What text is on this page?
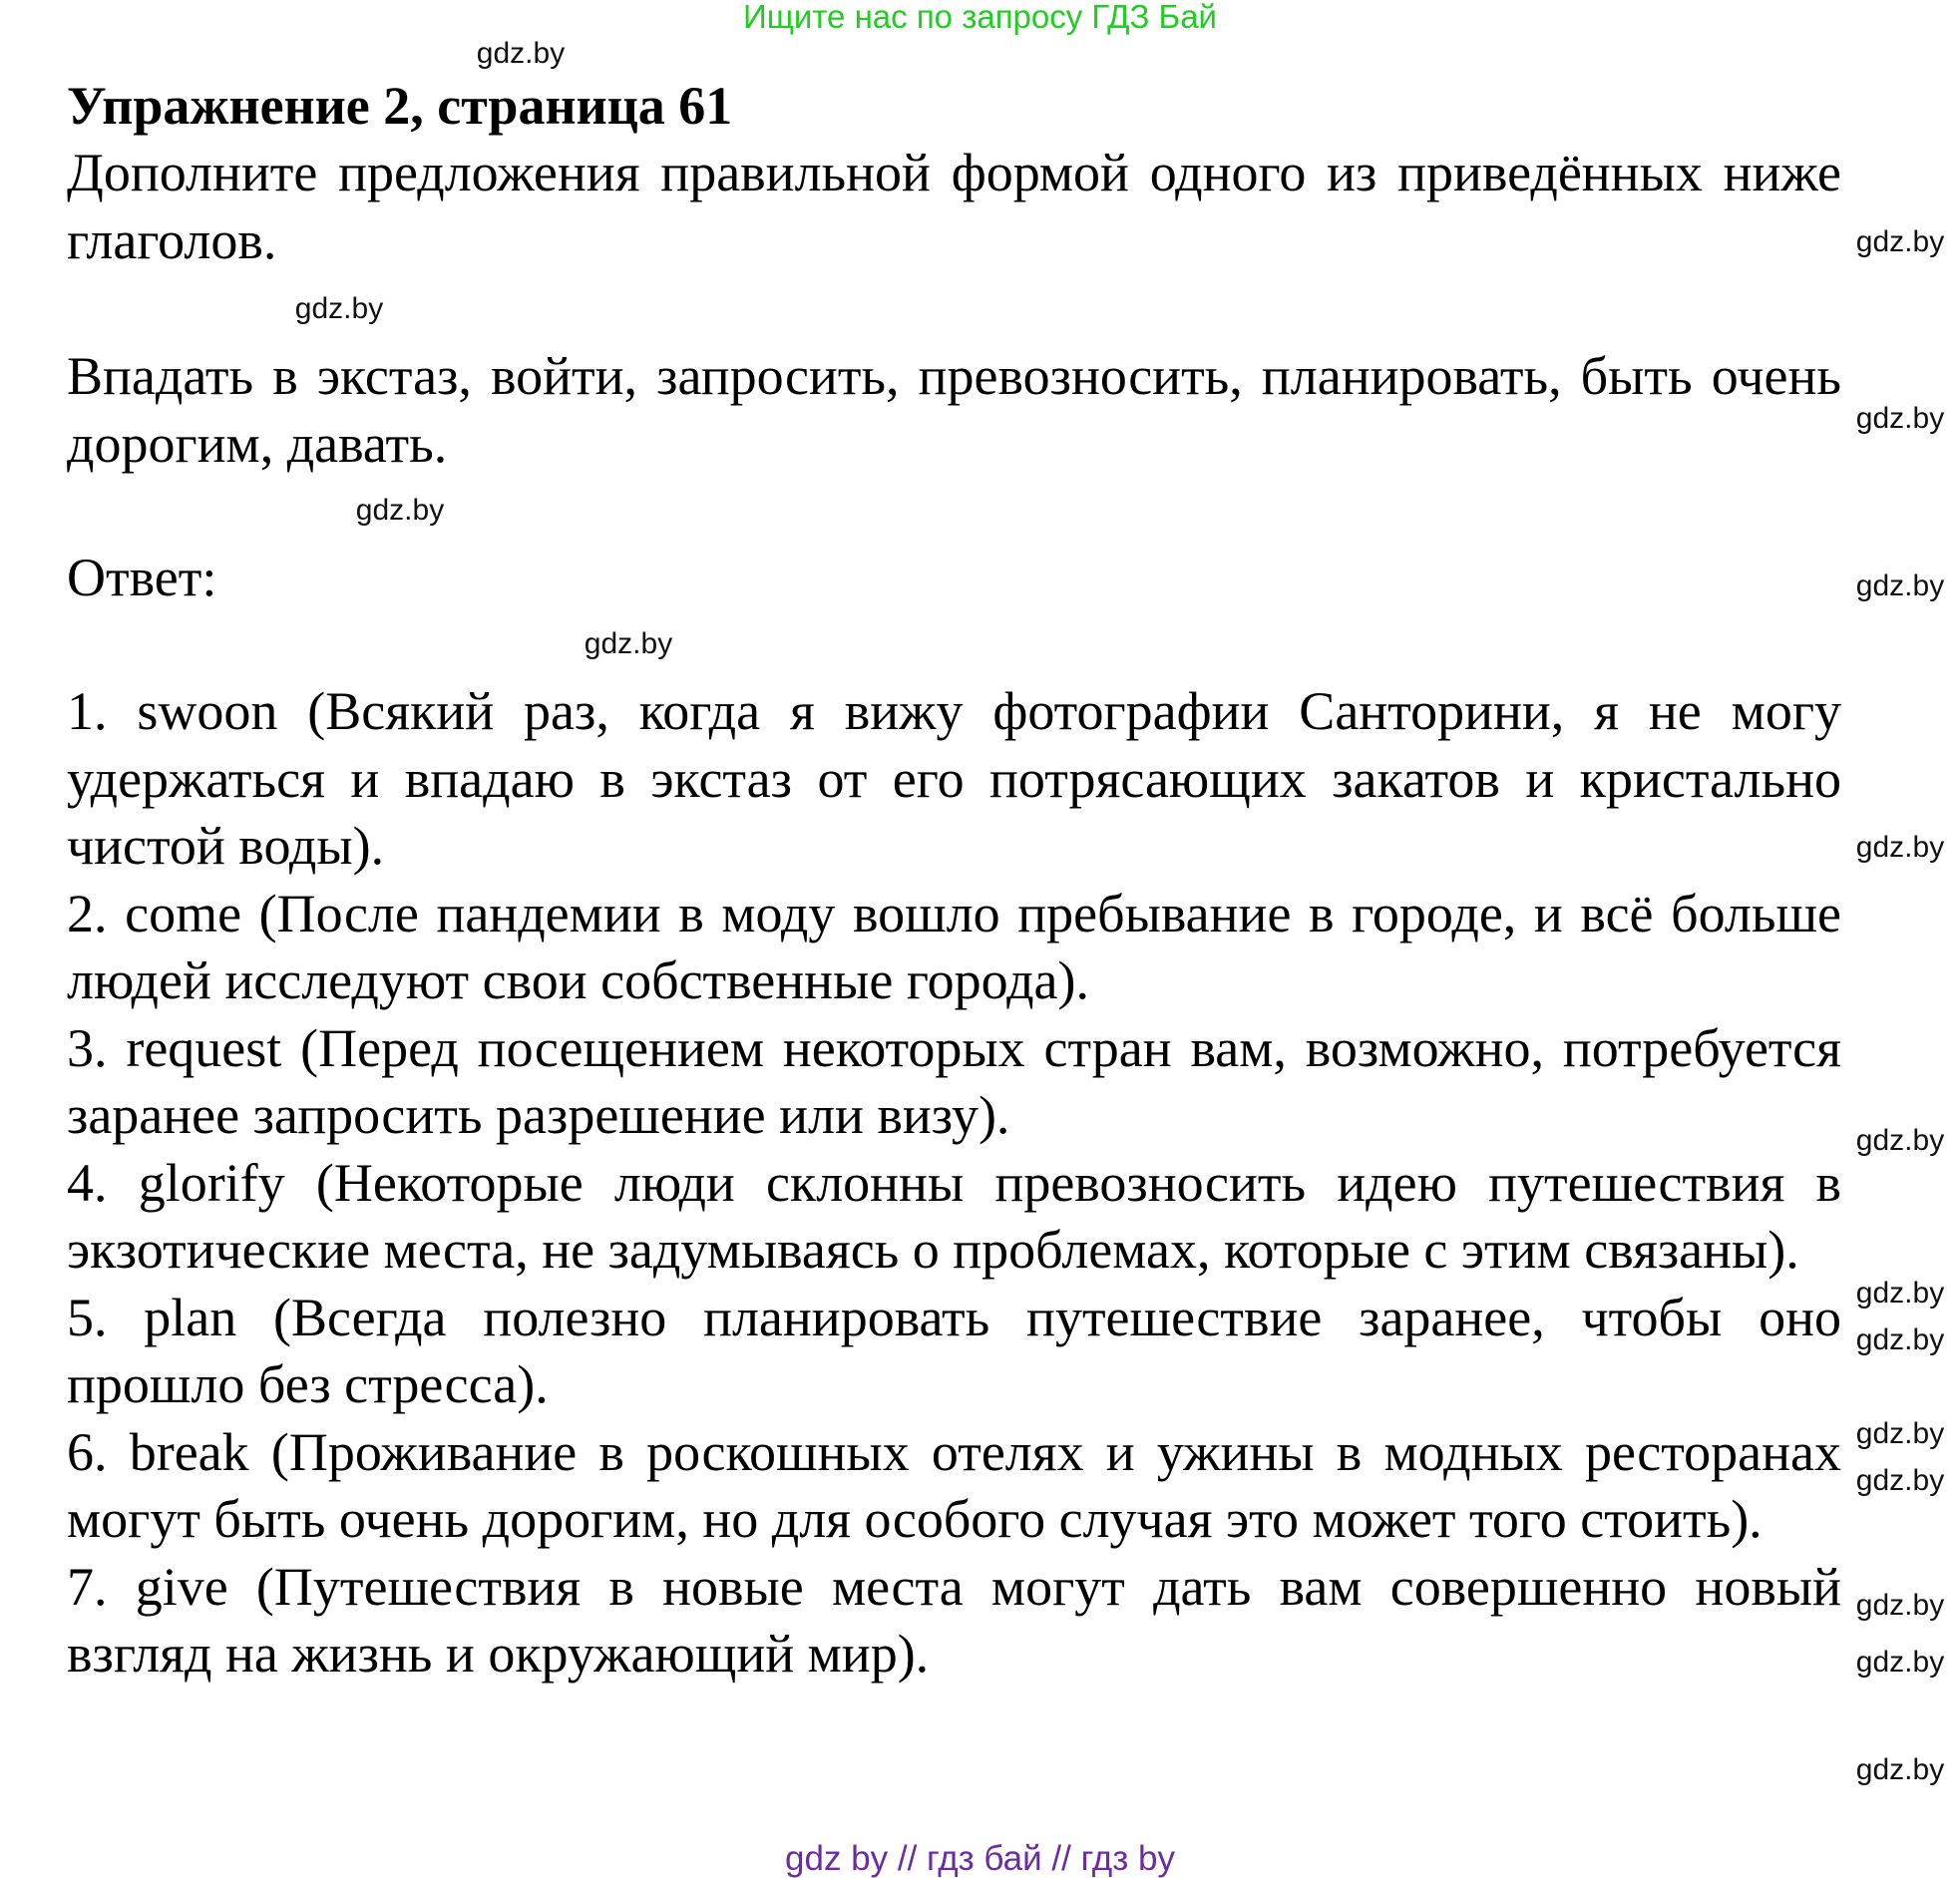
Ищите нас по запросу ГДЗ Бай
Упражнение 2, страница 61
Дополните предложения правильной формой одного из приведённых ниже глаголов.
Впадать в экстаз, войти, запросить, превозносить, планировать, быть очень дорогим, давать.
Ответ:

1. swoon (Всякий раз, когда я вижу фотографии Санторини, я не могу удержаться и впадаю в экстаз от его потрясающих закатов и кристально чистой воды).

2. come (После пандемии в моду вошло пребывание в городе, и всё больше людей исследуют свои собственные города).

3. request (Перед посещением некоторых стран вам, возможно, потребуется заранее запросить разрешение или визу).

4. glorify (Некоторые люди склонны превозносить идею путешествия в экзотические места, не задумываясь о проблемах, которые с этим связаны).

5. plan (Всегда полезно планировать путешествие заранее, чтобы оно прошло без стресса).

6. break (Проживание в роскошных отелях и ужины в модных ресторанах могут быть очень дорогим, но для особого случая это может того стоить).

7. give (Путешествия в новые места могут дать вам совершенно новый взгляд на жизнь и окружающий мир).

gdz.by
gdz.by
gdz.by
gdz.by
gdz.by
gdz.by
gdz.by
gdz.by
gdz.by
gdz.by
gdz.by
gdz.by
gdz.by
gdz.by
gdz.by
gdz.by
gdz by // гдз бай // гдз by
